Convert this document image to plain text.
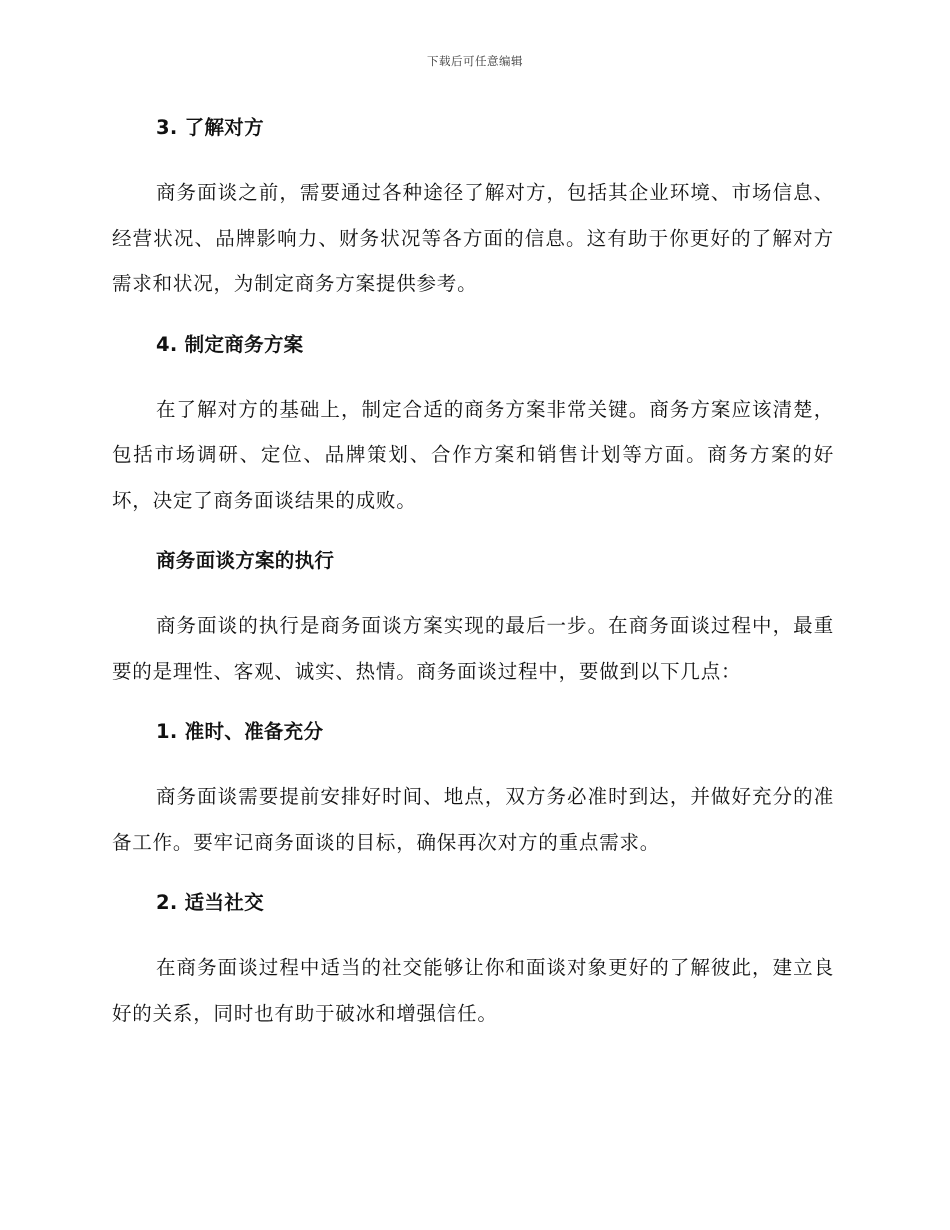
下载后可任意编辑
3. 了解对方

商务面谈之前，需要通过各种途径了解对方，包括其企业环境、市场信息、经营状况、品牌影响力、财务状况等各方面的信息。这有助于你更好的了解对方需求和状况，为制定商务方案提供参考。

4. 制定商务方案

在了解对方的基础上，制定合适的商务方案非常关键。商务方案应该清楚，包括市场调研、定位、品牌策划、合作方案和销售计划等方面。商务方案的好坏，决定了商务面谈结果的成败。

商务面谈方案的执行

商务面谈的执行是商务面谈方案实现的最后一步。在商务面谈过程中，最重要的是理性、客观、诚实、热情。商务面谈过程中，要做到以下几点：

1. 准时、准备充分

商务面谈需要提前安排好时间、地点，双方务必准时到达，并做好充分的准备工作。要牢记商务面谈的目标，确保再次对方的重点需求。

2. 适当社交

在商务面谈过程中适当的社交能够让你和面谈对象更好的了解彼此，建立良好的关系，同时也有助于破冰和增强信任。
